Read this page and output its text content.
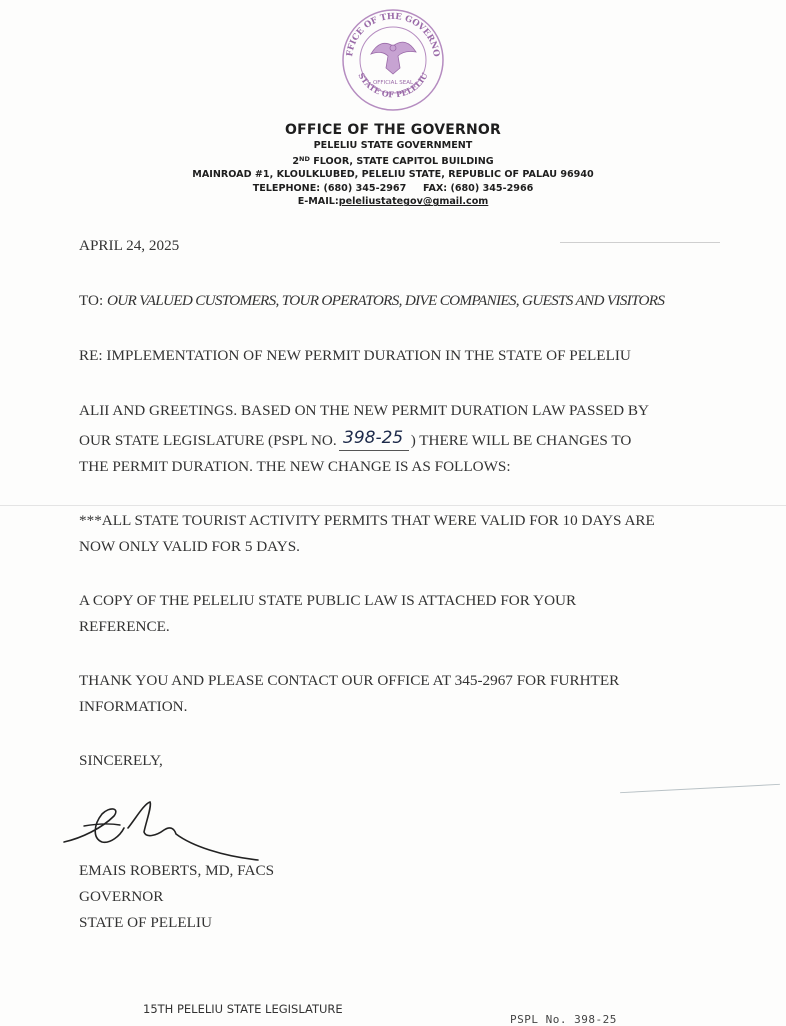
FFICE OF THE GOVERNO
STATE OF PELELIU
OFFICIAL SEAL
OFFICE OF THE GOVERNOR
PELELIU STATE GOVERNMENT
2ND FLOOR, STATE CAPITOL BUILDING
MAINROAD #1, KLOULKLUBED, PELELIU STATE, REPUBLIC OF PALAU 96940
TELEPHONE: (680) 345-2967 FAX: (680) 345-2966
E-MAIL:peleliustategov@gmail.com
APRIL 24, 2025
TO: OUR VALUED CUSTOMERS, TOUR OPERATORS, DIVE COMPANIES, GUESTS AND VISITORS
RE: IMPLEMENTATION OF NEW PERMIT DURATION IN THE STATE OF PELELIU
ALII AND GREETINGS. BASED ON THE NEW PERMIT DURATION LAW PASSED BY
OUR STATE LEGISLATURE (PSPL NO. 398-25 ) THERE WILL BE CHANGES TO
THE PERMIT DURATION. THE NEW CHANGE IS AS FOLLOWS:
***ALL STATE TOURIST ACTIVITY PERMITS THAT WERE VALID FOR 10 DAYS ARE
NOW ONLY VALID FOR 5 DAYS.
A COPY OF THE PELELIU STATE PUBLIC LAW IS ATTACHED FOR YOUR
REFERENCE.
THANK YOU AND PLEASE CONTACT OUR OFFICE AT 345-2967 FOR FURHTER
INFORMATION.
SINCERELY,
EMAIS ROBERTS, MD, FACS
GOVERNOR
STATE OF PELELIU
15TH PELELIU STATE LEGISLATURE
PSPL No. 398-25
